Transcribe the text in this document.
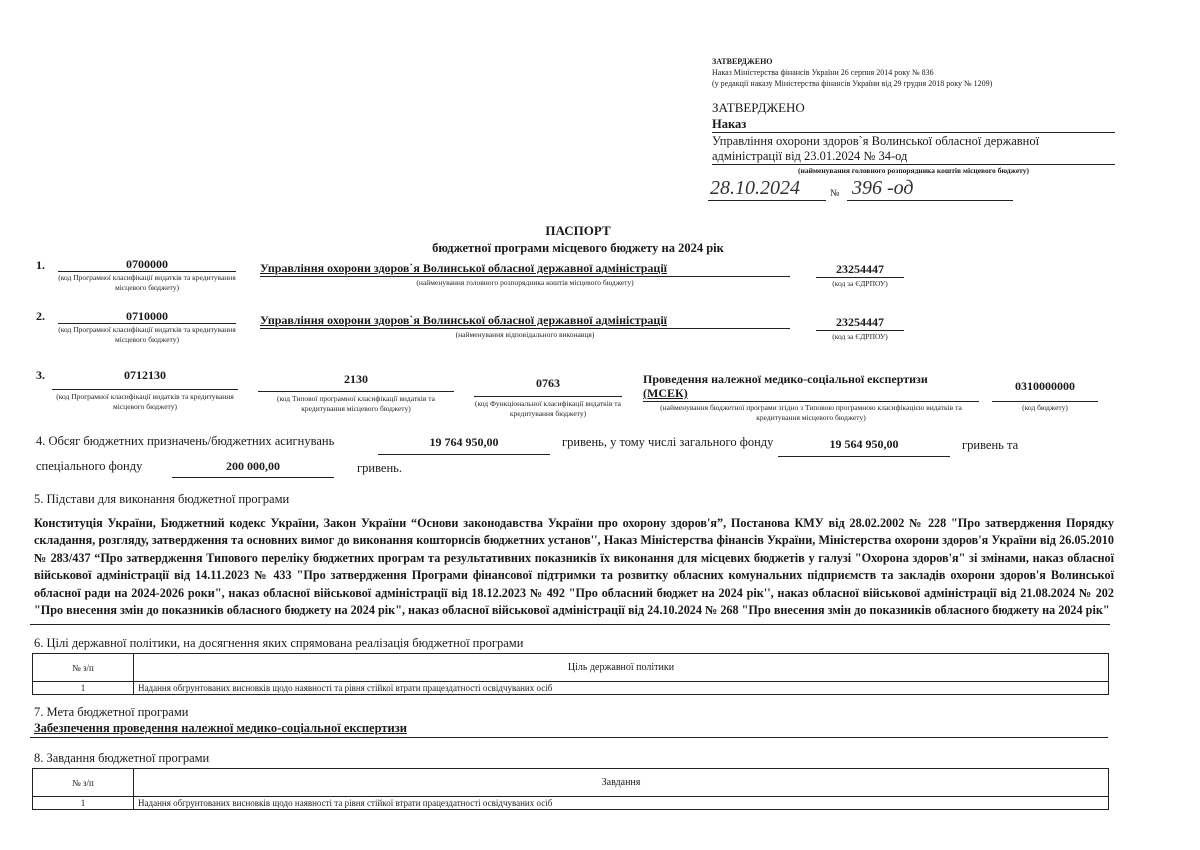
ЗАТВЕРДЖЕНО
Наказ Міністерства фінансів України 26 серпня 2014 року № 836
(у редакції наказу Міністерства фінансів України від 29 грудня 2018 року № 1209)
ЗАТВЕРДЖЕНО
Наказ
Управління охорони здоров`я Волинської обласної державної
адміністрації від 23.01.2024 № 34-од
(найменування головного розпорядника коштів місцевого бюджету)
28.10.2024	№ 396 -од
ПАСПОРТ
бюджетної програми місцевого бюджету на 2024 рік
1.	0700000
(код Програмної класифікації видатків та кредитування місцевого бюджету)
Управління охорони здоров`я Волинської обласної державної адміністрації
(найменування головного розпорядника коштів місцевого бюджету)
23254447
(код за ЄДРПОУ)
2.	0710000
(код Програмної класифікації видатків та кредитування місцевого бюджету)
Управління охорони здоров`я Волинської обласної державної адміністрації
(найменування відповідального виконавця)
23254447
(код за ЄДРПОУ)
3.	0712130
(код Програмної класифікації видатків та кредитування місцевого бюджету)
2130
(код Типової програмної класифікації видатків та кредитування місцевого бюджету)
0763
(код Функціональної класифікації видатків та кредитування бюджету)
Проведення належної медико-соціальної експертизи
(МСЕК)
(найменування бюджетної програми згідно з Типовою програмною класифікацією видатків та кредитування місцевого бюджету)
0310000000
(код бюджету)
4. Обсяг бюджетних призначень/бюджетних асигнувань	19 764 950,00	гривень, у тому числі загального фонду	19 564 950,00	гривень та
спеціального фонду	200 000,00	гривень.
5. Підстави для виконання бюджетної програми
Конституція України, Бюджетний кодекс України, Закон України “Основи законодавства України про охорону здоров'я”, Постанова КМУ від 28.02.2002 № 228 "Про затвердження Порядку складання, розгляду, затвердження та основних вимог до виконання кошторисів бюджетних установ'', Наказ Міністерства фінансів України, Міністерства охорони здоров'я України від 26.05.2010 № 283/437 “Про затвердження Типового переліку бюджетних програм та результативних показників їх виконання для місцевих бюджетів у галузі "Охорона здоров'я" зі змінами, наказ обласної військової адміністрації від 14.11.2023 № 433 "Про затвердження Програми фінансової підтримки та розвитку обласних комунальних підприємств та закладів охорони здоров'я Волинської обласної ради на 2024-2026 роки", наказ обласної військової адміністрації від 18.12.2023 № 492 "Про обласний бюджет на 2024 рік'', наказ обласної військової адміністрації від 21.08.2024 № 202 "Про внесення змін до показників обласного бюджету на 2024 рік", наказ обласної військової адміністрації від 24.10.2024 № 268 "Про внесення змін до показників обласного бюджету на 2024 рік"
6. Цілі державної політики, на досягнення яких спрямована реалізація бюджетної програми
№ з/п	Ціль державної політики
1	Надання обгрунтованих висновків щодо наявності та рівня стійкої втрати працездатності освідчуваних осіб
7. Мета бюджетної програми
Забезпечення проведення належної медико-соціальної експертизи
8. Завдання бюджетної програми
№ з/п	Завдання
1	Надання обгрунтованих висновків щодо наявності та рівня стійкої втрати працездатності освідчуваних осіб
